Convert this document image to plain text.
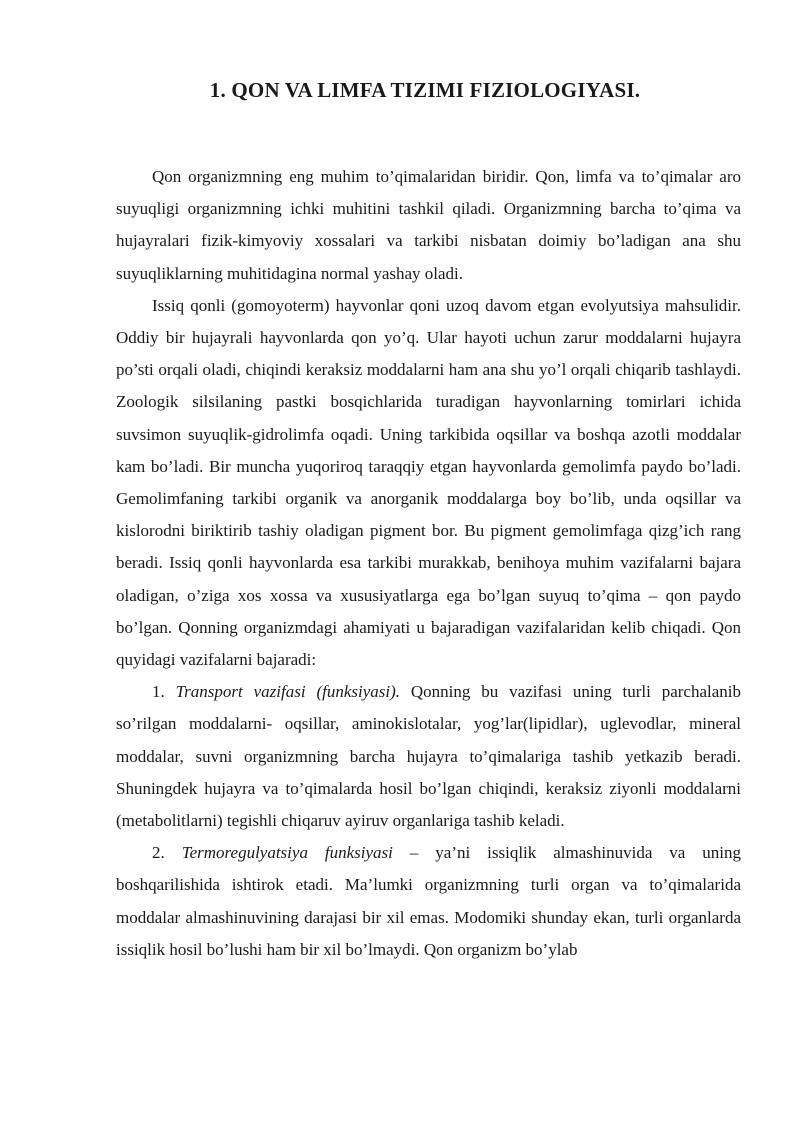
1. QON VA LIMFA TIZIMI FIZIOLOGIYASI.

Qon organizmning eng muhim to’qimalaridan biridir. Qon, limfa va to’qimalar aro suyuqligi organizmning ichki muhitini tashkil qiladi. Organizmning barcha to’qima va hujayralari fizik-kimyoviy xossalari va tarkibi nisbatan doimiy bo’ladigan ana shu suyuqliklarning muhitidagina normal yashay oladi.

Issiq qonli (gomoyoterm) hayvonlar qoni uzoq davom etgan evolyutsiya mahsulidir. Oddiy bir hujayrali hayvonlarda qon yo’q. Ular hayoti uchun zarur moddalarni hujayra po’sti orqali oladi, chiqindi keraksiz moddalarni ham ana shu yo’l orqali chiqarib tashlaydi. Zoologik silsilaning pastki bosqichlarida turadigan hayvonlarning tomirlari ichida suvsimon suyuqlik-gidrolimfa oqadi. Uning tarkibida oqsillar va boshqa azotli moddalar kam bo’ladi. Bir muncha yuqoriroq taraqqiy etgan hayvonlarda gemolimfa paydo bo’ladi. Gemolimfaning tarkibi organik va anorganik moddalarga boy bo’lib, unda oqsillar va kislorodni biriktirib tashiy oladigan pigment bor. Bu pigment gemolimfaga qizg’ich rang beradi. Issiq qonli hayvonlarda esa tarkibi murakkab, benihoya muhim vazifalarni bajara oladigan, o’ziga xos xossa va xususiyatlarga ega bo’lgan suyuq to’qima – qon paydo bo’lgan. Qonning organizmdagi ahamiyati u bajaradigan vazifalaridan kelib chiqadi. Qon quyidagi vazifalarni bajaradi:

1. Transport vazifasi (funksiyasi). Qonning bu vazifasi uning turli parchalanib so’rilgan moddalarni- oqsillar, aminokislotalar, yog’lar(lipidlar), uglevodlar, mineral moddalar, suvni organizmning barcha hujayra to’qimalariga tashib yetkazib beradi. Shuningdek hujayra va to’qimalarda hosil bo’lgan chiqindi, keraksiz ziyonli moddalarni (metabolitlarni) tegishli chiqaruv ayiruv organlariga tashib keladi.

2. Termoregulyatsiya funksiyasi – ya’ni issiqlik almashinuvida va uning boshqarilishida ishtirok etadi. Ma’lumki organizmning turli organ va to’qimalarida moddalar almashinuvining darajasi bir xil emas. Modomiki shunday ekan, turli organlarda issiqlik hosil bo’lushi ham bir xil bo’lmaydi. Qon organizm bo’ylab
